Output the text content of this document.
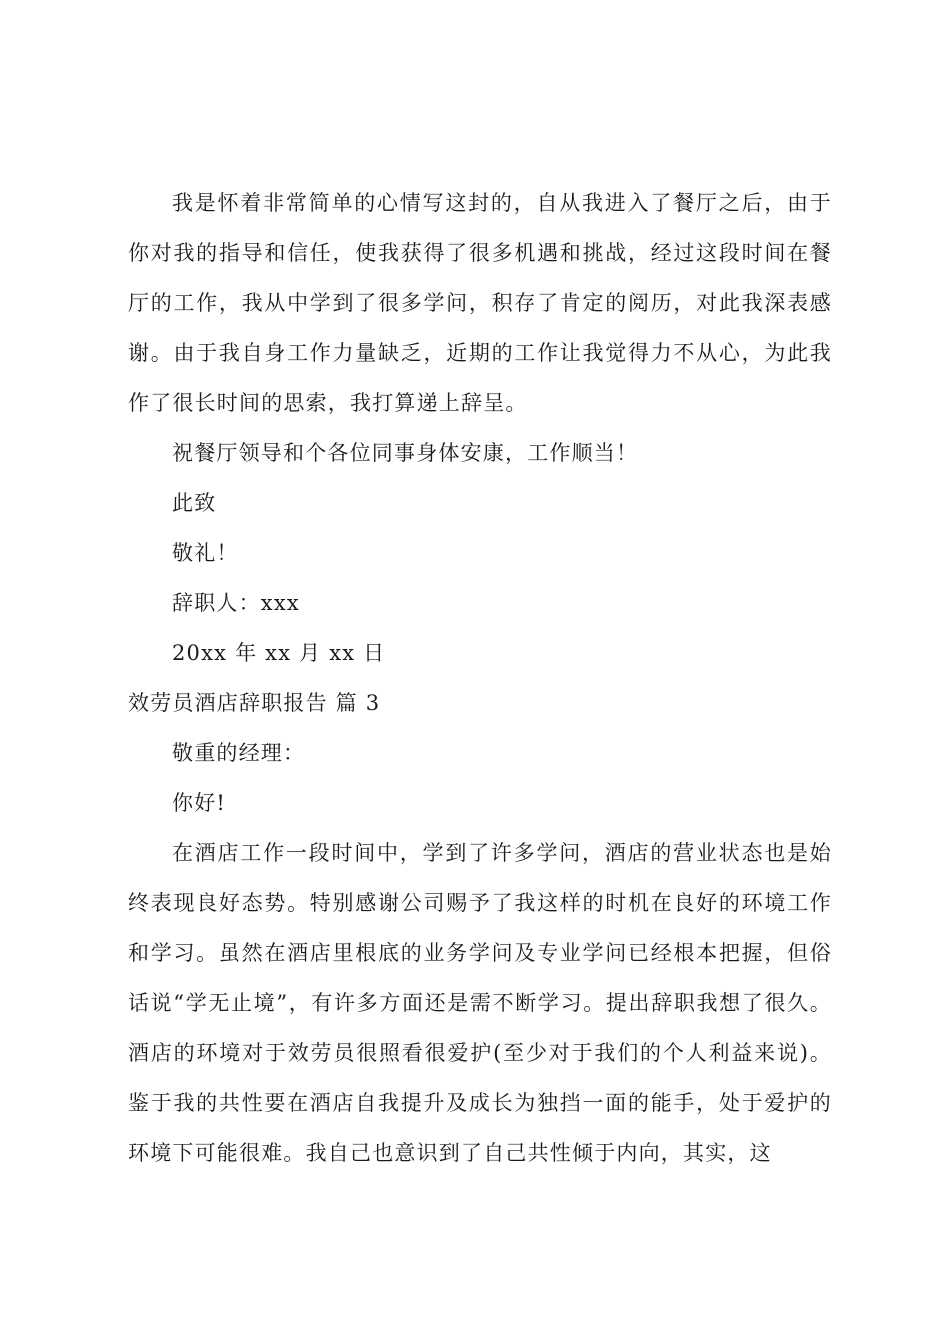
我是怀着非常简单的心情写这封的，自从我进入了餐厅之后，由于你对我的指导和信任，使我获得了很多机遇和挑战，经过这段时间在餐厅的工作，我从中学到了很多学问，积存了肯定的阅历，对此我深表感谢。由于我自身工作力量缺乏，近期的工作让我觉得力不从心，为此我作了很长时间的思索，我打算递上辞呈。

祝餐厅领导和个各位同事身体安康，工作顺当！

此致

敬礼！

辞职人：xxx

20xx 年 xx 月 xx 日

效劳员酒店辞职报告 篇 3

敬重的经理：

你好!

在酒店工作一段时间中，学到了许多学问，酒店的营业状态也是始终表现良好态势。特别感谢公司赐予了我这样的时机在良好的环境工作和学习。虽然在酒店里根底的业务学问及专业学问已经根本把握，但俗话说“学无止境”，有许多方面还是需不断学习。提出辞职我想了很久。酒店的环境对于效劳员很照看很爱护(至少对于我们的个人利益来说)。鉴于我的共性要在酒店自我提升及成长为独挡一面的能手，处于爱护的环境下可能很难。我自己也意识到了自己共性倾于内向，其实，这
